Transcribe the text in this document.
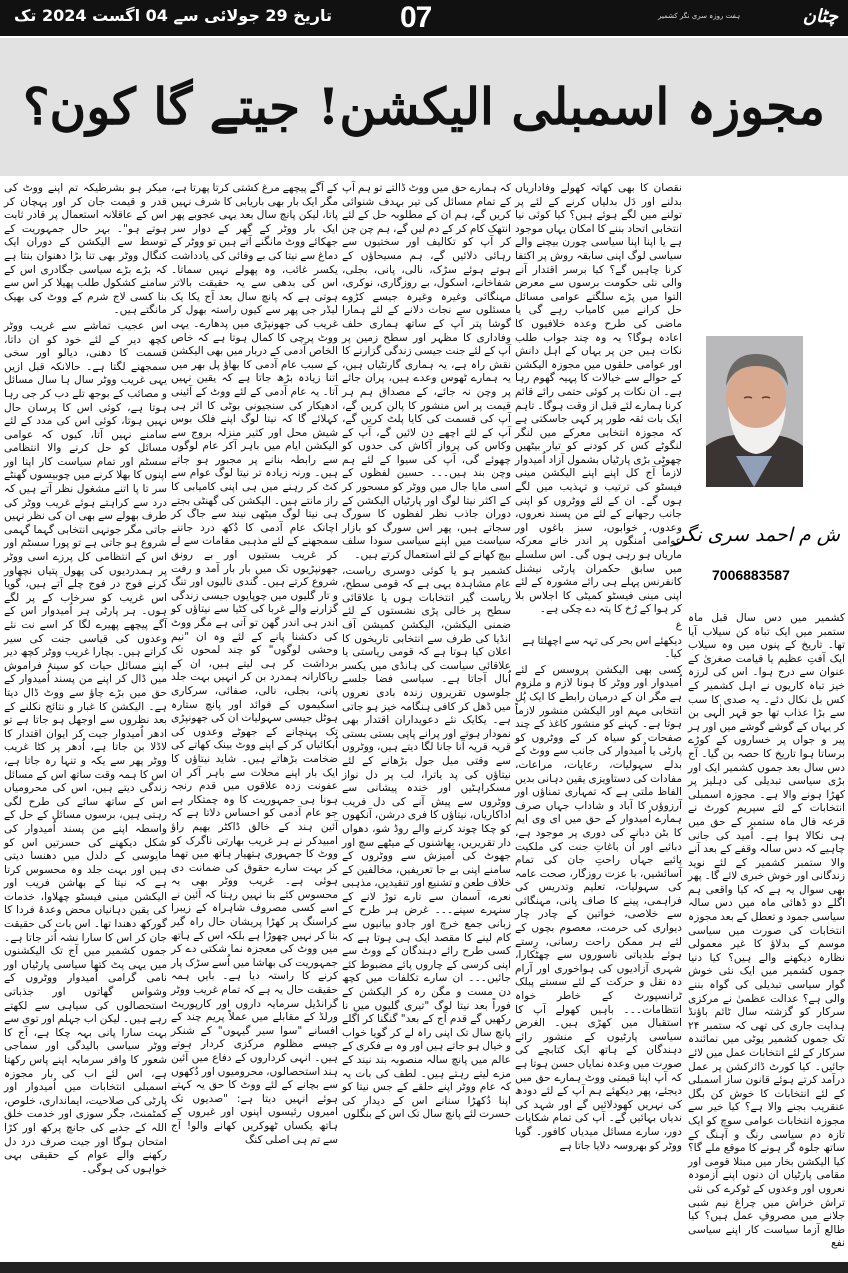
تاریخ 29 جولائی سے 04 اگست 2024 تک 07	چٹان
ہفت روزہ سری نگر کشمیر
مجوزہ اسمبلی الیکشن! جیتے گا کون؟

کشمیر میں دس سال قبل ماہ ستمبر میں ایک تباہ کن سیلاب آیا تھا۔ تاریخ کے پنوں میں وہ سیلاب ایک آفتِ عظیم یا قیامت صغریٰ کے عنوان سے درج ہوا۔ اس کی لرزہ خیز تباہ کاریوں نے اہل کشمیر کے کس بل نکال دئے۔ یہ صدی کا سب سے بڑا عذاب تھا جو قہر الٰہی بن کر یہاں کے گوشے گوشے میں اور ہر پیر و جواں پر خساروں کے کوڑے برساتا ہوا تاریخ کا حصہ بن گیا۔ آج دس سال بعد جموں کشمیر ایک اور بڑی سیاسی تبدیلی کی دہلیز پر کھڑا ہونے والا ہے۔ مجوزہ اسمبلی انتخابات کے لئے سپریم کورٹ نے قرعہ فال ماہ ستمبر کے حق میں ہی نکالا ہوا ہے۔ اُمید کی جانی چاہیے کہ دس سالہ وقفے کے بعد آنے والا ستمبر کشمیر کے لئے نوید زندگانی اور خوش خبری لائے گا۔ پھر بھی سوال یہ ہے کہ کیا واقعی ہم اگلے دو ڈھائی ماہ میں دس سالہ سیاسی جمود و تعطل کے بعد مجوزہ انتخابات کی صورت میں سیاسی موسم کے بدلاؤ کا غیر معمولی نظارہ دیکھنے والے ہیں؟ کیا دنیا جموں کشمیر میں ایک نئی خوش گوار سیاسی تبدیلی کی گواہ بننے والی ہے؟ عدالت عظمیٰ نے مرکزی سرکار کو گزشتہ سال ٹائم باؤنڈ ہدایت جاری کی تھی کہ ستمبر ۲۴ تک جموں کشمیر یوٹی میں نمائندہ سرکار کے لئے انتخابات عمل میں لائے جائیں۔ کیا کورٹ ڈائرکشن پر عمل درآمد کرتے ہوئے قانون ساز اسمبلی کے لئے انتخابات کا خوش کن بگل عنقریب بجنے والا ہے؟ کیا خیر سے مجوزہ انتخابات عوامی سوچ کو ایک تازہ دم سیاسی رنگ و آہنگ کے ساتھ جلوہ گر ہونے کا موقع ملے گا؟ کیا الیکشن بخار میں مبتلا قومی اور مقامی پارٹیاں ان دنوں اپنے آزمودہ نعروں اور وعدوں کے ٹوکرے کی نئی تراش خراش میں چراغ نیم شبی جلانے میں مصروفِ عمل ہیں؟ کیا طالع آزما سیاست کار اپنے سیاسی نفع

نقصان کا بھی کھاتہ کھولے وفاداریاں بدلنے اور دَل بدلیاں کرنے کے لئے پر تولنے میں لگے ہوئے ہیں؟ کیا کوئی نیا انتخابی اتحاد بننے کا امکان یہاں موجود ہے یا اپنا اپنا سیاسی چورن بیچنے والے سیاسی لوگ اپنی سابقہ روش پر اکتفا کرنا چاہیں گے؟ کیا برسر اقتدار آنے والی نئی حکومت برسوں سے معرض التوا میں پڑے سلگتے عوامی مسائل حل کرانے میں کامیاب رہے گی یا ماضی کی طرح وعدہ خلافیوں کا اعادہ ہوگا؟ یہ وہ چند جواب طلب نکات ہیں جن پر یہاں کے اہل دانش اور عوامی حلقوں میں مجوزہ الیکشن کے حوالے سے خیالات کا پہیہ گھوم رہا ہے۔ ان نکات پر کوئی حتمی رائے قائم کرنا ہمارے لئے قبل از وقت ہوگا۔ تاہم ایک بات ثقہ طور پر کہی جاسکتی ہے کہ مجوزہ انتخابی معرکے میں لنگر لنگوٹے کس کر کودنے کو تیار بیٹھیں چھوٹی بڑی پارٹیاں بشمول آزاد اُمیدوار لازماً آج کل اپنے اپنے الیکشن مینی فیسٹو کی ترتیب و تہذیب میں لگے ہوں گے۔ ان کے لئے ووٹروں کو اپنی جانب رجھانے کے لئے من پسند نعروں، وعدوں، خوابوں، سبز باغوں اور عوامی اُمنگوں پر اندر خانے معرکہ ماریاں ہو رہی ہوں گی۔ اس سلسلے میں سابق حکمران پارٹی نیشنل کانفرنس پہلے ہی رائے مشورہ کے لئے اپنی مینی فیسٹو کمیٹی کا اجلاس بلا کر ہوا کے رُخ کا پتہ دے چکی ہے۔

ع

دیکھئے اس بحر کی تہہ سے اچھلتا ہے کیا۔

کسی بھی الیکشن پروسس کے لئے اُمیدوار اور ووٹر کا ہونا لازم و ملزوم ہے مگر ان کے درمیان رابطے کا ایک پُل انتخابی مہم اور الیکشن منشور لازماً ہوتا ہے۔ کہنے کو منشور کاغذ کے چند صفحات کو سیاہ کر کے ووٹروں کو پارٹی یا اُمیدوار کی جانب سے ووٹ کے بدلے سہولیات، رعایات، مراعات، مفادات کی دستاویزی یقین دہانی بدیں الفاظ ملتی ہے کہ تمہاری تمناؤں اور آرزوؤں کا آباد و شاداب جہاں صرف ہمارے اُمیدوار کے حق میں ای وی ایم کا بٹن دبانے کی دوری پر موجود ہے، دبائیے اور اُن باغاتِ جنت کی ملکیت پائیے جہاں راحتِ جان کی تمام آسائشیں، با عزت روزگار، صحت عامہ کی سہولیات، تعلیم وتدریس کی فراہمی، پینے کا صاف پانی، مہنگائی سے خلاصی، خواتین کے چادر چار دیواری کی حرمت، معصوم بچوں کے لئے ہر ممکن راحت رسانی، رِستے ہوئے بلدیاتی ناسوروں سے چھٹکارا، شہری آزادیوں کی ہواخوری اور آرام دہ نقل و حرکت کے لئے سستے پبلک ٹرانسپورٹ کے خاطر خواہ انتظامات۔۔۔ باہیں کھولے آپ کا استقبال میں کھڑی ہیں۔ الغرض سیاسی پارٹیوں کے منشور رائے دہندگان کے ہاتھ ایک کتابچے کی صورت میں وعدہ نمایاں حسن ہوتا ہے کہ آپ اپنا قیمتی ووٹ ہمارے حق میں دیجئے، پھر دیکھئے ہم آپ کے لئے دودھ کی نہریں کھودلائیں گے اور شہد کی ندیاں بہائیں گے۔ آپ کی تمام شکایات دور، سارے مسائل میدیاں کافور۔ گویا ووٹر کو بھروسہ دلایا جاتا ہے

کہ ہمارے حق میں ووٹ ڈالتے تو ہم آپ کے تمام مسائل کی تیر بہدف شنوائی کریں گے، ہم ان کے مطلوبہ حل کے لئے انتھک کام کر کے دم لیں گے، ہم چن چن کر آپ کو تکالیف اور سختیوں سے رہائی دلائیں گے، ہم مسیحاؤں کے ہوتے ہوئے سڑک، نالی، پانی، بجلی، شفاخانے، اسکول، بے روزگاری، نوکری، مہنگائی وغیرہ وغیرہ جیسے کڑوے مسئلوں سے نجات دلانے کے لئے ہمارا گوشا پتر آپ کے ساتھ ہماری حلف وفاداری کا مظہر اور سطح زمین پر آپ کے لئے جنت جیسی زندگی گزارنے کا نقش راہ ہے، یہ ہماری گارنٹیاں ہیں، یہ ہمارے ٹھوس وعدے ہیں، پران جائے پر وچن نہ جائے، کے مصداق ہم ہر قیمت پر اس منشور کا پالن کریں گے، آپ کی قسمت کی کایا پلٹ کریں گے، آپ کے لئے اچھے دن لائیں گے، آپ کے وکاس کی پرواز آکاش کی حدوں کو چھوئے گی، آپ کی سیوا کے لئے ہم وچن بند ہیں۔۔۔ حسین لفظوں کے اسی مایا جال میں ووٹر کو مسحور کر کے اکثر نیتا لوگ اور پارٹیاں الیکشن کے دوران جاذب نظر لفظوں کا سورگ سجاتے ہیں، پھر اس سورگ کو بازار سیاست میں اپنے سیاسی سودا سلف بیچ کھانے کے لئے استعمال کرتے ہیں۔

کشمیر ہو یا کوئی دوسری ریاست، عام مشاہدہ یہی ہے کہ قومی سطح، ریاست گیر انتخابات ہوں یا علاقائی سطح پر خالی پڑی نشستوں کے لئے ضمنی الیکشن، الیکشن کمیشن آف انڈیا کی طرف سے انتخابی تاریخوں کا اعلان کیا ہوتا ہے کہ قومی ریاستی یا علاقائی سیاست کی ہانڈی میں یکسر اُبال آجاتا ہے۔ سیاسی فضا جلسے جلوسوں تقریروں زندہ بادی نعروں میں ڈھل کر کافی ہنگامہ خیز ہو جاتی ہے۔ یکایک نئے دعویداران اقتدار بھی نمودار ہوتے اور پرانے پاپی بستی بستی قریہ قریہ آنا جانا لگا دیتے ہیں، ووٹروں سے وقتی میل جول بڑھانے کے لئے نیتاؤں کی پد یاترا، لب پر دل نواز مسکراہٹیں اور خندہ پیشانی سے ووٹروں سے پیش آنے کی دل فریب اداکاریاں، نیتاؤں کا فری درشن، آنکھوں کو چکا چوند کرنے والے روڈ شو، دھواں دار تقریریں، بھاشنوں کے میٹھے سچ اور جھوٹ کی آمیزش سے ووٹروں کے سامنے اپنی بے جا تعریفیں، مخالفین کے خلاف طعن و تشنیع اور تنقیدیں، مذہبی نعرے، آسمان سے تارے توڑ لانے کے سنہرے سپنے۔۔۔ غرض ہر طرح کے زبانی جمع خرچ اور جادو بیانیوں سے کام لینے کا مقصد ایک ہی ہوتا ہے کہ کسی طرح رائے دہندگان کے ووٹ سے اپنی کرسی کے چاروں پائے مضبوط کئے جائیں۔۔۔ ان سارے تکلفات میں کچھ دن مست و مگن رہ کر الیکشن کے فوراً بعد نیتا لوگ "تیری گلیوں میں نا رکھیں گے قدم آج کے بعد" گنگنا کر اگلے پانچ سال تک اپنی راہ لے کر گویا خواب و خیال ہو جاتے ہیں اور وہ بے فکری کے عالم میں پانچ سالہ منصوبہ بند نیند کے مزے لیتے رہتے ہیں۔ لطف کی بات یہ کہ عام ووٹر اپنے حلقے کے جس نیتا کو اپنا دُکھڑا سنانے اس کے دیدار کی حسرت لئے پانچ سال تک اس کے بنگلوں

کے آگے پیچھے مرغ کشتی کرتا پھرتا ہے، مگر ایک بار بھی باریابی کا شرف نہیں پاتا، لیکن پانچ سال بعد یہی عجوبے پھر ایک بار ووٹر کے گھر کے دوار سر جھکائے ووٹ مانگنے آتے ہیں تو ووٹر کے دماغ سے نیتا کی بے وفائی کی یادداشت یکسر غائب، وہ پھولے نہیں سماتا۔ اس کی بدھی سے یہ حقیقت بالاتر ہوتی ہے کہ پانچ سال بعد آج یکا یک لیڈر جی پھر سے کیوں راستہ بھول کر غریب کی جھونپڑی میں پدھارے۔ یہی ووٹ پرچی کا کمال ہوتا ہے کہ خاص الخاص آدمی کے دربار میں بھی الیکشن کے سبب عام آدمی کا بھاؤ پل بھر میں اتنا زیادہ بڑھ جاتا ہے کہ یقین نہیں آتا۔ یہ عام آدمی کے لئے ووٹ کے آئینی ادھیکار کی سنجیونی بوٹی کا اثر ہی کہلائے گا کہ نیتا لوگ اپنے فلک بوس شیش محل اور کثیر منزلہ بروج سے الیکشن ایام میں باہر آکر عام لوگوں سے رابطہ بنانے پر مجبور ہو جاتے ہیں۔ ورنہ زیادہ تر نیتا لوگ عوام سے کٹ کر رہنے میں ہی اپنی کامیابی کا راز مانتے ہیں۔ الیکشن کی گھنٹی بجتے ہی نیتا لوگ میٹھی نیند سے جاگ کر اچانک عام آدمی کا دُکھ درد جاننے سمجھنے کے لئے مذہبی مقامات سے لے کر غریب بستیوں اور بے رونق جھونپڑیوں تک میں بار بار آمد و رفت شروع کرتے ہیں۔ گندی نالیوں اور تنگ و تار گلیوں میں چوپایوں جیسی زندگی گزارنے والے غربا کی کٹیا سے نیتاؤں کو اندر ہی اندر گھن تو آتی ہے مگر ووٹ کی دکشنا پانے کے لئے وہ ان "نیم وحشی لوگوں" کو چند لمحوں تک برداشت کر ہی لیتے ہیں، ان کے ریاکارانہ ہمدرد بن کر انہیں بہت جلد پانی، بجلی، نالی، صفائی، سرکاری اسکیموں کے فوائد اور پانچ ستارہ ہوٹل جیسی سہولیات ان کی جھونپڑی تک پہنچانے کے جھوٹے وعدوں کی اُبکائیاں کر کے اپنے ووٹ بینک کھاتے کی ضخامت بڑھاتے ہیں۔ شاید نیتاؤں کا ایک بار اپنے محلات سے باہر آکر ان عفونت زدہ علاقوں میں قدم رنجہ ہونا ہی جمہوریت کا وہ چمتکار ہے جو عام آدمی کو احساس دلاتا ہے کہ آئین ہند کے خالق ڈاکٹر بھیم راؤ امبیدکر نے ہر غریب بھارتی ناگرک کو ووٹ کا جمہوری ہتھیار ہاتھ میں تھما کر بہت سارے حقوق کی ضمانت دی ہوئی ہے۔ غریب ووٹر بھی یہ محسوس کئے بنا نہیں رہتا کہ آئین نے اسے کسی مصروف شاہراہ کے زیبرا کراسنگ پر کھڑا پریشان حال راہ گیر بنا کر نہیں چھوڑا ہے بلکہ اس کے ہاتھ میں ووٹ کی معجزہ نما شکتی دے کر جمہوریت کی بھاشا میں اُسے سڑک پار کرنے کا راستہ دیا ہے۔ بایں ہمہ حقیقت حال یہ ہے کہ تمام غریب ووٹر گرانڈیل سرمایہ داروں اور کارپوریٹ ورلڈ کے مقابلے میں عملاً پریم چند کے افسانے "سوا سیر گیہوں" کے شنکر جیسے مظلوم مرکزی کردار ہوتے ہیں۔ انہی کرداروں کے دفاع میں آئین ہند استحصالوں، محرومیوں اور دُکھوں سے بچانے کے لئے ووٹ کا حق یہ کہتے ہوئے انہیں دیتا ہے: "صدیوں تک امیروں رئیسوں اپنوں اور غیروں کے ہاتھ یکساں ٹھوکریں کھانے والو! آج سے تم ہی اصلی کنگ

میکر ہو بشرطیکہ تم اپنے ووٹ کی قدر و قیمت جان کر اور پہچان کر اس کے عاقلانہ استعمال پر قادر ثابت ہوتے ہو"۔ بہر حال جمہوریت کے توسط سے الیکشن کے دوران ایک کنگال ووٹر بھی تنا بڑا دھنوان بنتا ہے کہ بڑے بڑے سیاسی جگادری اس کے سامنے کشکول طلب پھیلا کر اس سے بنا کسی لاج شرم کے ووٹ کی بھیک مانگتے ہیں۔

اس عجیب تماشے سے غریب ووٹر کچھ دیر کے لئے خود کو ان داتا، قسمت کا دھنی، دیالو اور سخی سمجھنے لگتا ہے۔ حالانکہ قبل ازیں یہی غریب ووٹر سال ہا سال مسائل و مصائب کے بوجھ تلے دب کر جی رہا ہوتا ہے، کوئی اس کا پرسان حال نہیں ہوتا، کوئی اس کی مدد کے لئے سامنے نہیں آتا، کیوں کہ عوامی مسائل کو حل کرنے والا انتظامی سسٹم اور تمام سیاست کار اپنا اور اپنوں کا بھلا کرنے میں چوبیسوں گھنٹے سر تا پا اتنے مشغول نظر آتے ہیں کہ درد سے کراہتے ہوئے غریب ووٹر کی طرف بھولے سے بھی ان کی نظر نہیں جاتی مگر جونہی انتخابی گہما گہمی شروع ہو جاتی ہے تو پورا سسٹم اور اس کے انتظامی کل پرزے اسی ووٹر پر ہمدردیوں کی پھول پتیاں نچھاور کرنے فوج در فوج چلے آتے ہیں، گویا اس غریب کو سرخاب کے پر لگے ہوں۔ ہر پارٹی ہر اُمیدوار اس کے آگے پیچھے پھیرے لگا کر اسے نت نئے وعدوں کی قیاسی جنت کی سیر کراتے ہیں۔ بچارا غریب ووٹر کچھ دیر اپنے مسائل حیات کو سینۂ فراموش میں ڈال کر اپنے من پسند اُمیدوار کے حق میں بڑے چاؤ سے ووٹ ڈال دیتا ہے۔ الیکشن کا غبار و نتائج نکلنے کے بعد نظروں سے اوجھل ہو جاتا ہے تو ادھر اُمیدوار جیت کر ایوان اقتدار کا لاڈلا بن جاتا ہے، اُدھر پر کٹا غریب ووٹر پھر سے یکہ و تنہا رہ جاتا ہے، اس کا ہمہ وقت ساتھ اس کے مسائل زندگی دیتے ہیں، اس کی محرومیاں اس کے ساتھ سائے کی طرح لگی رہتی ہیں، برسوں مسائل کے حل کے واسطہ اپنے من پسند اُمیدوار کی شکل دیکھنے کی حسرتیں اس کو مایوسی کے دلدل میں دھنسا دیتی ہیں اور بہت جلد وہ محسوس کرتا ہے کہ نیتا کے بھاشن فریب اور الیکشن مینی فیسٹو چھلاوا، خدمات کی یقین دہانیاں محض وعدۂ فردا کا گورکھ دھندا تھا۔ اس بات کی حقیقت جان کر اس کا سارا نشہ اُتر جاتا ہے۔ جموں کشمیر میں آج تک الیکشنوں میں یہی پٹ کتھا سیاسی پارٹیاں اور نامی گرامی اُمیدوار ووٹروں کے وشواس گھاتوں اور جذباتی استحصالوں کی سیاہی سے لکھتے رہے ہیں۔ لیکن اب جہلم اور توی سے بہت سارا پانی بہہ چکا ہے، آج کا ووٹر سیاسی بالیدگی اور سماجی شعور کا وافر سرمایہ اپنے پاس رکھتا ہے، اس لئے اب کی بار مجوزہ اسمبلی انتخابات میں اُمیدوار اور پارٹی کی صلاحیت، ایمانداری، خلوص، کمٹمنٹ، جگر سوزی اور خدمت خلق اللہ کے جذبے کی جانچ پرکھ اور کڑا امتحان ہوگا اور جیت صرف درد دل رکھنے والے عوام کے حقیقی بہی خواہوں کی ہوگی۔

ش م احمد سری نگر
7006883587
